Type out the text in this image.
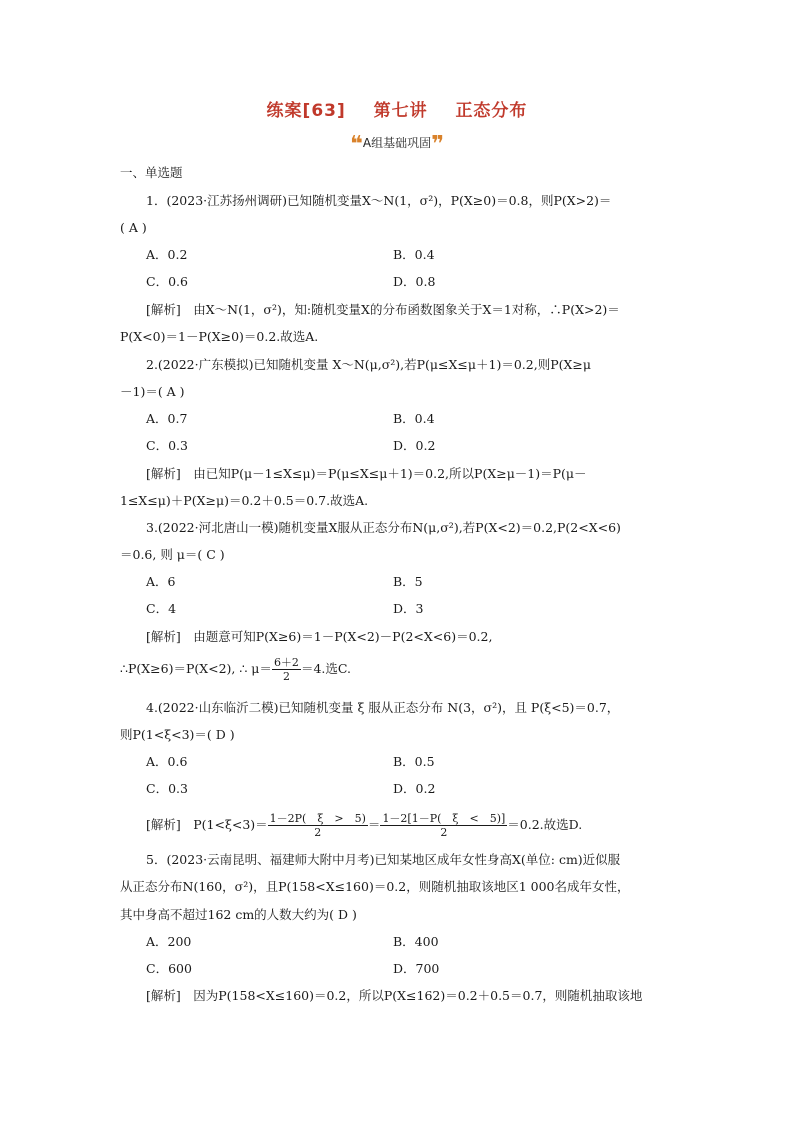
练案[63] 第七讲 正态分布
❝A组基础巩固❞
一、单选题
1．(2023·江苏扬州调研)已知随机变量X～N(1，σ²)，P(X≥0)＝0.8，则P(X>2)＝
( A )
A．0.2	B．0.4
C．0.6	D．0.8
[解析]　由X～N(1，σ²)，知:随机变量X的分布函数图象关于X＝1对称，∴P(X>2)＝
P(X<0)＝1－P(X≥0)＝0.2.故选A.
2.(2022·广东模拟)已知随机变量 X～N(μ,σ²),若P(μ≤X≤μ＋1)＝0.2,则P(X≥μ
－1)＝( A )
A．0.7	B．0.4
C．0.3	D．0.2
[解析]　由已知P(μ－1≤X≤μ)＝P(μ≤X≤μ＋1)＝0.2,所以P(X≥μ－1)＝P(μ－
1≤X≤μ)＋P(X≥μ)＝0.2＋0.5＝0.7.故选A.
3.(2022·河北唐山一模)随机变量X服从正态分布N(μ,σ²),若P(X<2)＝0.2,P(2<X<6)
＝0.6, 则 μ＝( C )
A．6	B．5
C．4	D．3
[解析]　由题意可知P(X≥6)＝1－P(X<2)－P(2<X<6)＝0.2,
∴P(X≥6)＝P(X<2), ∴ $\mu= \frac{6+2}{2} =4$.选C.
4.(2022·山东临沂二模)已知随机变量 ξ 服从正态分布 N(3，σ²)，且 P(ξ<5)＝0.7，
则P(1<ξ<3)＝( D )
A．0.6	B．0.5
C．0.3	D．0.2
[解析]　$P(1<\xi<3)= \frac{1-2P( \xi > 5)}{2} = \frac{1-2[1-P( \xi < 5)]}{2} =0.2$.故选D.
5．(2023·云南昆明、福建师大附中月考)已知某地区成年女性身高X(单位: cm)近似服
从正态分布N(160，σ²)，且P(158<X≤160)＝0.2，则随机抽取该地区1 000名成年女性，
其中身高不超过162 cm的人数大约为( D )
A．200	B．400
C．600	D．700
[解析]　因为P(158<X≤160)＝0.2，所以P(X≤162)＝0.2＋0.5＝0.7，则随机抽取该地
